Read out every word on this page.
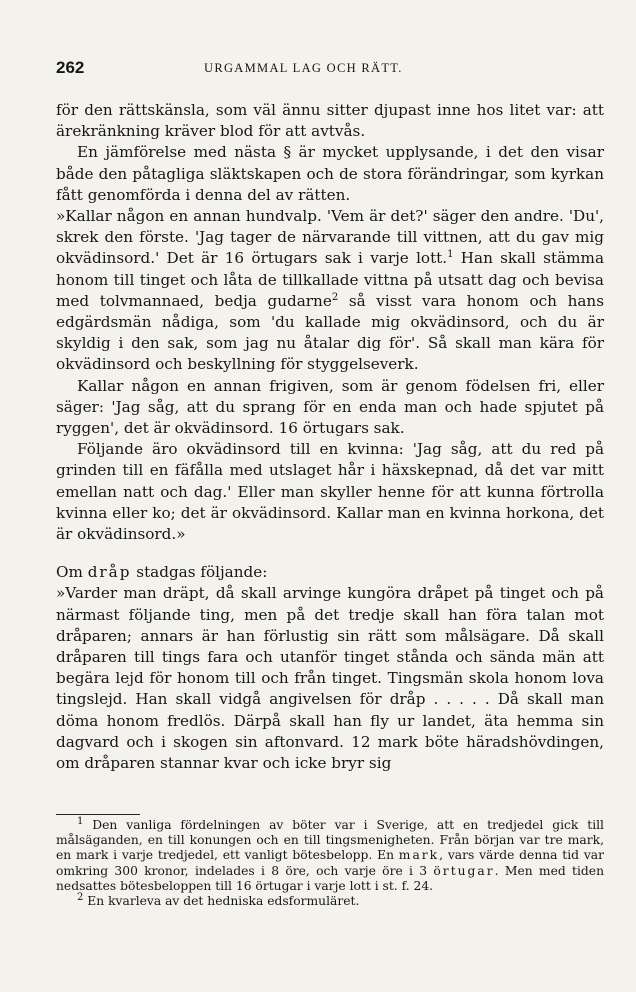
262	URGAMMAL LAG OCH RÄTT.

för den rättskänsla, som väl ännu sitter djupast inne hos litet var: att ärekränkning kräver blod för att avtvås.

En jämförelse med nästa § är mycket upplysande, i det den visar både den påtagliga släktskapen och de stora förändringar, som kyrkan fått genomförda i denna del av rätten.

»Kallar någon en annan hundvalp. 'Vem är det?' säger den andre. 'Du', skrek den förste. 'Jag tager de närvarande till vittnen, att du gav mig okvädinsord.' Det är 16 örtugars sak i varje lott.$^1$ Han skall stämma honom till tinget och låta de tillkallade vittna på utsatt dag och bevisa med tolvmannaed, bedja gudarne$^2$ så visst vara honom och hans edgärdsmän nådiga, som 'du kallade mig okvädinsord, och du är skyldig i den sak, som jag nu åtalar dig för'. Så skall man kära för okvädinsord och beskyllning för styggelseverk.

Kallar någon en annan frigiven, som är genom födelsen fri, eller säger: 'Jag såg, att du sprang för en enda man och hade spjutet på ryggen', det är okvädinsord. 16 örtugars sak.

Följande äro okvädinsord till en kvinna: 'Jag såg, att du red på grinden till en fäfålla med utslaget hår i häxskepnad, då det var mitt emellan natt och dag.' Eller man skyller henne för att kunna förtrolla kvinna eller ko; det är okvädinsord. Kallar man en kvinna horkona, det är okvädinsord.»

Om dråp stadgas följande:

»Varder man dräpt, då skall arvinge kungöra dråpet på tinget och på närmast följande ting, men på det tredje skall han föra talan mot dråparen; annars är han förlustig sin rätt som målsägare. Då skall dråparen till tings fara och utanför tinget stånda och sända män att begära lejd för honom till och från tinget. Tingsmän skola honom lova tingslejd. Han skall vidgå angivelsen för dråp . . . . . Då skall man döma honom fredlös. Därpå skall han fly ur landet, äta hemma sin dagvard och i skogen sin aftonvard. 12 mark böte häradshövdingen, om dråparen stannar kvar och icke bryr sig

$^1$ Den vanliga fördelningen av böter var i Sverige, att en tredjedel gick till målsäganden, en till konungen och en till tingsmenigheten. Från början var tre mark, en mark i varje tredjedel, ett vanligt bötesbelopp. En mark, vars värde denna tid var omkring 300 kronor, indelades i 8 öre, och varje öre i 3 örtugar. Men med tiden nedsattes bötesbeloppen till 16 örtugar i varje lott i st. f. 24.

$^2$ En kvarleva av det hedniska edsformuläret.
